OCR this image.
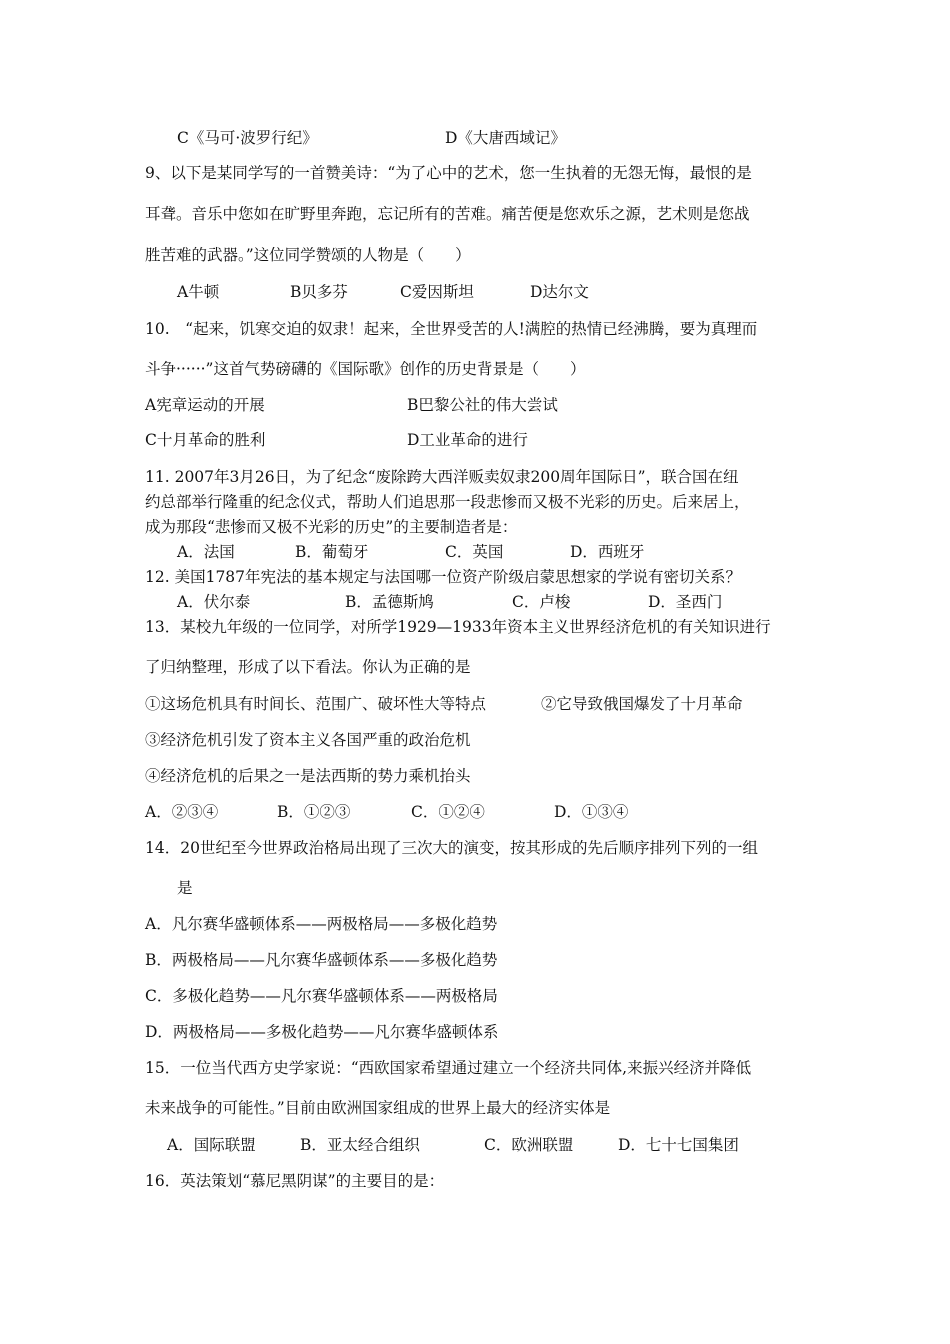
C《马可·波罗行纪》	D《大唐西域记》
9、以下是某同学写的一首赞美诗：“为了心中的艺术，您一生执着的无怨无悔，最恨的是
耳聋。音乐中您如在旷野里奔跑，忘记所有的苦难。痛苦便是您欢乐之源，艺术则是您战
胜苦难的武器。”这位同学赞颂的人物是（　　）
A牛顿	B贝多芬	C爱因斯坦	D达尔文
10.　“起来，饥寒交迫的奴隶！起来，全世界受苦的人!满腔的热情已经沸腾，要为真理而
斗争······”这首气势磅礴的《国际歌》创作的历史背景是（　　）
A宪章运动的开展	B巴黎公社的伟大尝试
C十月革命的胜利	D工业革命的进行
11. 2007年3月26日，为了纪念“废除跨大西洋贩卖奴隶200周年国际日”，联合国在纽
约总部举行隆重的纪念仪式，帮助人们追思那一段悲惨而又极不光彩的历史。后来居上，
成为那段“悲惨而又极不光彩的历史”的主要制造者是：
A．法国	B．葡萄牙	C．英国	D．西班牙
12. 美国1787年宪法的基本规定与法国哪一位资产阶级启蒙思想家的学说有密切关系？
A．伏尔泰	B．孟德斯鸠	C．卢梭	D．圣西门
13．某校九年级的一位同学，对所学1929—1933年资本主义世界经济危机的有关知识进行
了归纳整理，形成了以下看法。你认为正确的是
①这场危机具有时间长、范围广、破坏性大等特点	②它导致俄国爆发了十月革命
③经济危机引发了资本主义各国严重的政治危机
④经济危机的后果之一是法西斯的势力乘机抬头
A．②③④	B．①②③	C．①②④	D．①③④
14．20世纪至今世界政治格局出现了三次大的演变，按其形成的先后顺序排列下列的一组
是
A．凡尔赛华盛顿体系——两极格局——多极化趋势
B．两极格局——凡尔赛华盛顿体系——多极化趋势
C．多极化趋势——凡尔赛华盛顿体系——两极格局
D．两极格局——多极化趋势——凡尔赛华盛顿体系
15．一位当代西方史学家说：“西欧国家希望通过建立一个经济共同体,来振兴经济并降低
未来战争的可能性。”目前由欧洲国家组成的世界上最大的经济实体是
A．国际联盟	B．亚太经合组织	C．欧洲联盟	D．七十七国集团
16．英法策划“慕尼黑阴谋”的主要目的是：
